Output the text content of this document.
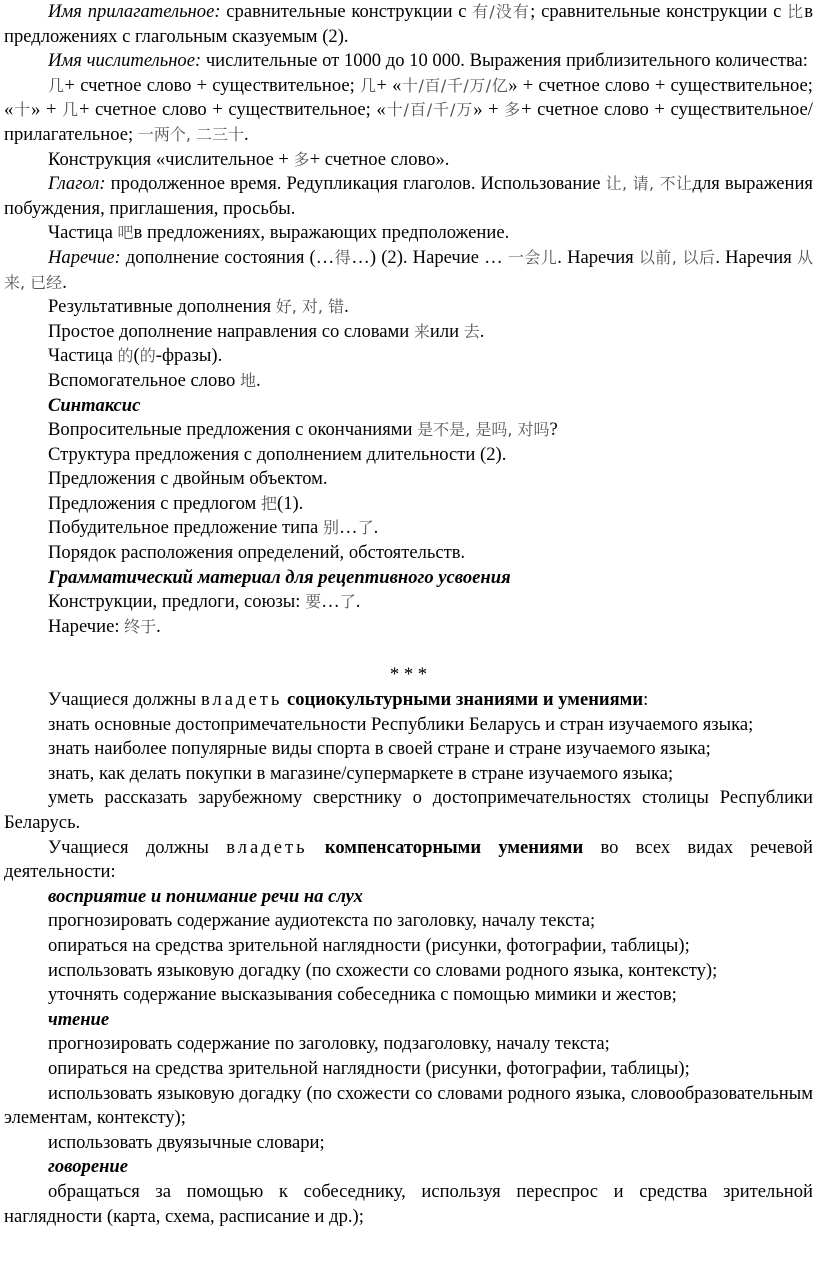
Имя прилагательное: сравнительные конструкции с 有/没有; сравнительные конструкции с 比в предложениях с глагольным сказуемым (2).

Имя числительное: числительные от 1000 до 10 000. Выражения приблизительного количества:

几+ счетное слово + существительное; 几+ «十/百/千/万/亿» + счетное слово + существительное; «十» + 几+ счетное слово + существительное; «十/百/千/万» + 多+ счетное слово + существительное/ прилагательное; 一两个, 二三十.

Конструкция «числительное + 多+ счетное слово».

Глагол: продолженное время. Редупликация глаголов. Использование 让, 请, 不让для выражения побуждения, приглашения, просьбы.

Частица 吧в предложениях, выражающих предположение.

Наречие: дополнение состояния (…得…) (2). Наречие … 一会儿. Наречия 以前, 以后. Наречия 从来, 已经.

Результативные дополнения 好, 对, 错.

Простое дополнение направления со словами 来или 去.

Частица 的(的-фразы).

Вспомогательное слово 地.

Синтаксис

Вопросительные предложения с окончаниями 是不是, 是吗, 对吗?

Структура предложения с дополнением длительности (2).

Предложения с двойным объектом.

Предложения с предлогом 把(1).

Побудительное предложение типа 别…了.

Порядок расположения определений, обстоятельств.

Грамматический материал для рецептивного усвоения

Конструкции, предлоги, союзы: 要…了.

Наречие: 终于.

* * *

Учащиеся должны владеть социокультурными знаниями и умениями:

знать основные достопримечательности Республики Беларусь и стран изучаемого языка;

знать наиболее популярные виды спорта в своей стране и стране изучаемого языка;

знать, как делать покупки в магазине/супермаркете в стране изучаемого языка;

уметь рассказать зарубежному сверстнику о достопримечательностях столицы Республики Беларусь.

Учащиеся должны владеть компенсаторными умениями во всех видах речевой деятельности:

восприятие и понимание речи на слух

прогнозировать содержание аудиотекста по заголовку, началу текста;

опираться на средства зрительной наглядности (рисунки, фотографии, таблицы);

использовать языковую догадку (по схожести со словами родного языка, контексту);

уточнять содержание высказывания собеседника с помощью мимики и жестов;

чтение

прогнозировать содержание по заголовку, подзаголовку, началу текста;

опираться на средства зрительной наглядности (рисунки, фотографии, таблицы);

использовать языковую догадку (по схожести со словами родного языка, словообразовательным элементам, контексту);

использовать двуязычные словари;

говорение

обращаться за помощью к собеседнику, используя переспрос и средства зрительной наглядности (карта, схема, расписание и др.);
